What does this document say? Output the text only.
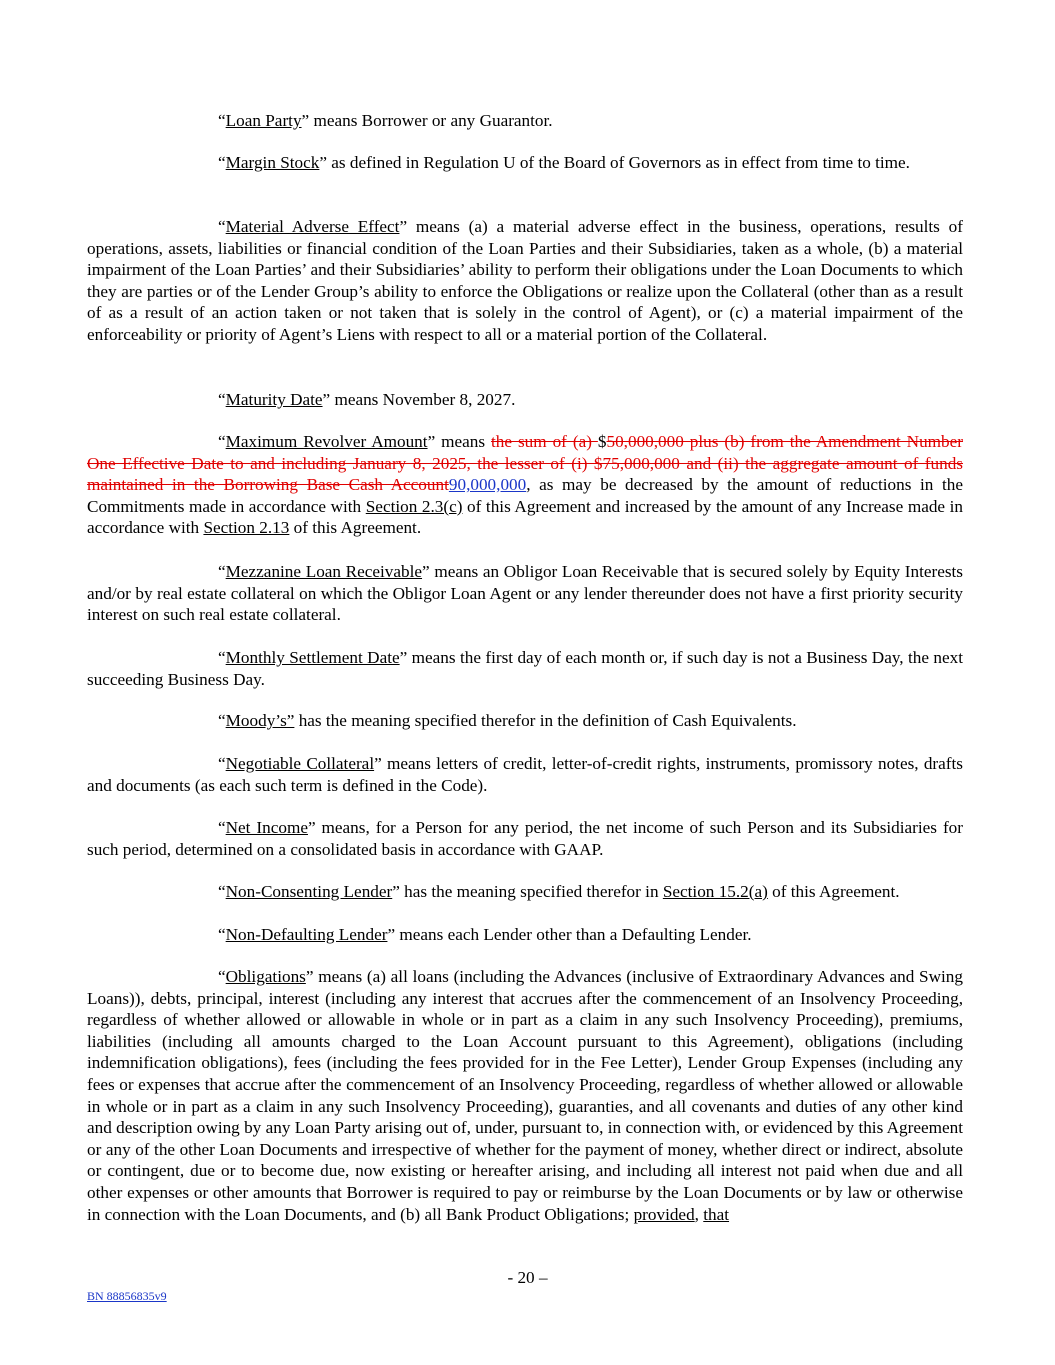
“Loan Party” means Borrower or any Guarantor.

“Margin Stock” as defined in Regulation U of the Board of Governors as in effect from time to time.

“Material Adverse Effect” means (a) a material adverse effect in the business, operations, results of operations, assets, liabilities or financial condition of the Loan Parties and their Subsidiaries, taken as a whole, (b) a material impairment of the Loan Parties’ and their Subsidiaries’ ability to perform their obligations under the Loan Documents to which they are parties or of the Lender Group’s ability to enforce the Obligations or realize upon the Collateral (other than as a result of as a result of an action taken or not taken that is solely in the control of Agent), or (c) a material impairment of the enforceability or priority of Agent’s Liens with respect to all or a material portion of the Collateral.

“Maturity Date” means November 8, 2027.

“Maximum Revolver Amount” means the sum of (a) $50,000,000 plus (b) from the Amendment Number One Effective Date to and including January 8, 2025, the lesser of (i) $75,000,000 and (ii) the aggregate amount of funds maintained in the Borrowing Base Cash Account90,000,000, as may be decreased by the amount of reductions in the Commitments made in accordance with Section 2.3(c) of this Agreement and increased by the amount of any Increase made in accordance with Section 2.13 of this Agreement.

“Mezzanine Loan Receivable” means an Obligor Loan Receivable that is secured solely by Equity Interests and/or by real estate collateral on which the Obligor Loan Agent or any lender thereunder does not have a first priority security interest on such real estate collateral.

“Monthly Settlement Date” means the first day of each month or, if such day is not a Business Day, the next succeeding Business Day.

“Moody’s” has the meaning specified therefor in the definition of Cash Equivalents.

“Negotiable Collateral” means letters of credit, letter-of-credit rights, instruments, promissory notes, drafts and documents (as each such term is defined in the Code).

“Net Income” means, for a Person for any period, the net income of such Person and its Subsidiaries for such period, determined on a consolidated basis in accordance with GAAP.

“Non-Consenting Lender” has the meaning specified therefor in Section 15.2(a) of this Agreement.

“Non-Defaulting Lender” means each Lender other than a Defaulting Lender.

“Obligations” means (a) all loans (including the Advances (inclusive of Extraordinary Advances and Swing Loans)), debts, principal, interest (including any interest that accrues after the commencement of an Insolvency Proceeding, regardless of whether allowed or allowable in whole or in part as a claim in any such Insolvency Proceeding), premiums, liabilities (including all amounts charged to the Loan Account pursuant to this Agreement), obligations (including indemnification obligations), fees (including the fees provided for in the Fee Letter), Lender Group Expenses (including any fees or expenses that accrue after the commencement of an Insolvency Proceeding, regardless of whether allowed or allowable in whole or in part as a claim in any such Insolvency Proceeding), guaranties, and all covenants and duties of any other kind and description owing by any Loan Party arising out of, under, pursuant to, in connection with, or evidenced by this Agreement or any of the other Loan Documents and irrespective of whether for the payment of money, whether direct or indirect, absolute or contingent, due or to become due, now existing or hereafter arising, and including all interest not paid when due and all other expenses or other amounts that Borrower is required to pay or reimburse by the Loan Documents or by law or otherwise in connection with the Loan Documents, and (b) all Bank Product Obligations; provided, that

- 20 –
BN 88856835v9
